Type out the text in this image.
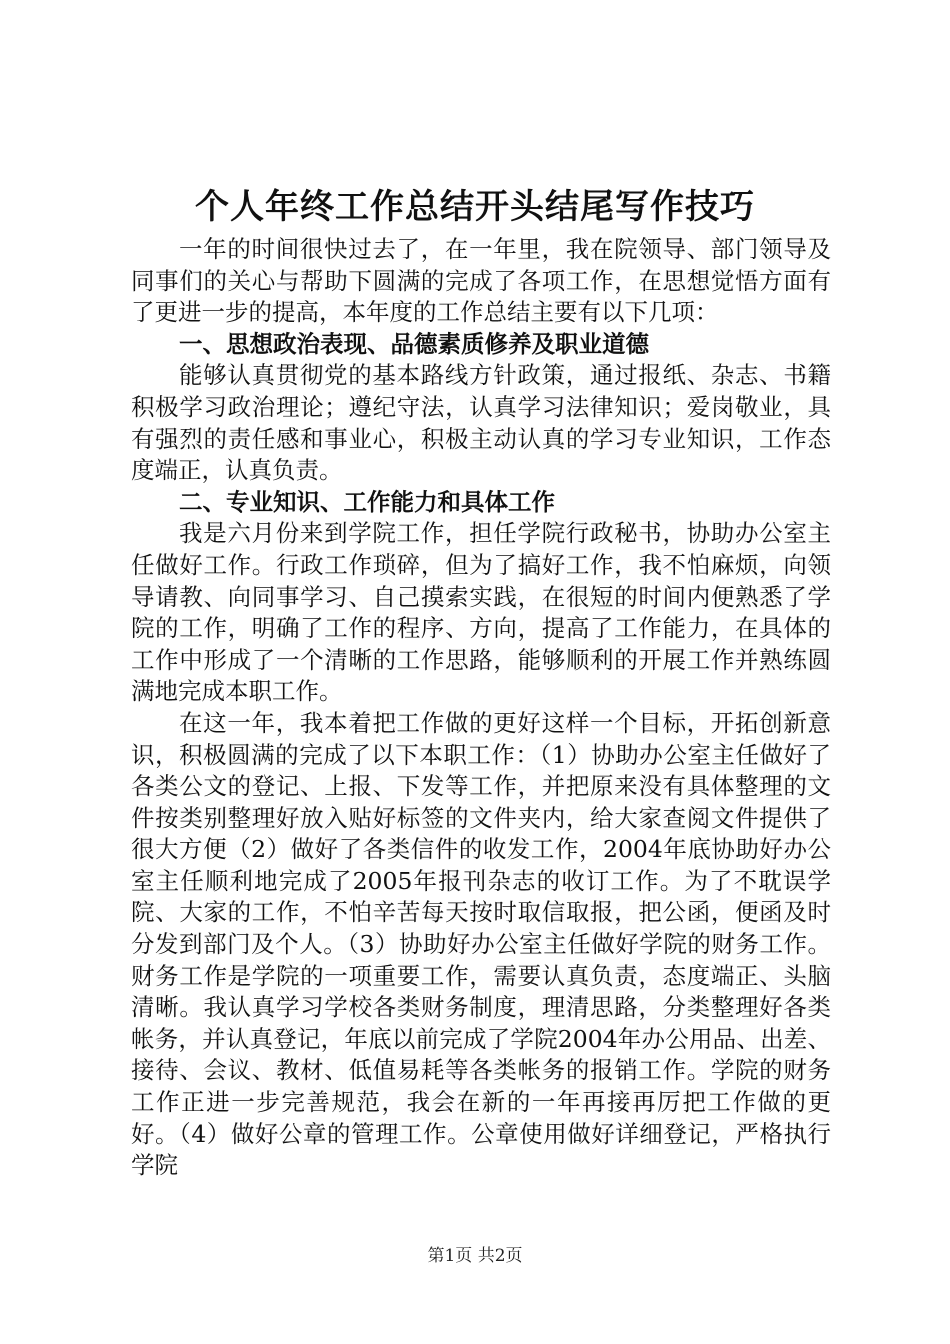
个人年终工作总结开头结尾写作技巧

一年的时间很快过去了，在一年里，我在院领导、部门领导及同事们的关心与帮助下圆满的完成了各项工作，在思想觉悟方面有了更进一步的提高，本年度的工作总结主要有以下几项：

一、思想政治表现、品德素质修养及职业道德

能够认真贯彻党的基本路线方针政策，通过报纸、杂志、书籍积极学习政治理论；遵纪守法，认真学习法律知识；爱岗敬业，具有强烈的责任感和事业心，积极主动认真的学习专业知识，工作态度端正，认真负责。

二、专业知识、工作能力和具体工作

我是六月份来到学院工作，担任学院行政秘书，协助办公室主任做好工作。行政工作琐碎，但为了搞好工作，我不怕麻烦，向领导请教、向同事学习、自己摸索实践，在很短的时间内便熟悉了学院的工作，明确了工作的程序、方向，提高了工作能力，在具体的工作中形成了一个清晰的工作思路，能够顺利的开展工作并熟练圆满地完成本职工作。

在这一年，我本着把工作做的更好这样一个目标，开拓创新意识，积极圆满的完成了以下本职工作：（1）协助办公室主任做好了各类公文的登记、上报、下发等工作，并把原来没有具体整理的文件按类别整理好放入贴好标签的文件夹内，给大家查阅文件提供了很大方便（2）做好了各类信件的收发工作，2004年底协助好办公室主任顺利地完成了2005年报刊杂志的收订工作。为了不耽误学院、大家的工作，不怕辛苦每天按时取信取报，把公函，便函及时分发到部门及个人。（3）协助好办公室主任做好学院的财务工作。财务工作是学院的一项重要工作，需要认真负责，态度端正、头脑清晰。我认真学习学校各类财务制度，理清思路，分类整理好各类帐务，并认真登记，年底以前完成了学院2004年办公用品、出差、接待、会议、教材、低值易耗等各类帐务的报销工作。学院的财务工作正进一步完善规范，我会在新的一年再接再厉把工作做的更好。（4）做好公章的管理工作。公章使用做好详细登记，严格执行学院

第1页 共2页
